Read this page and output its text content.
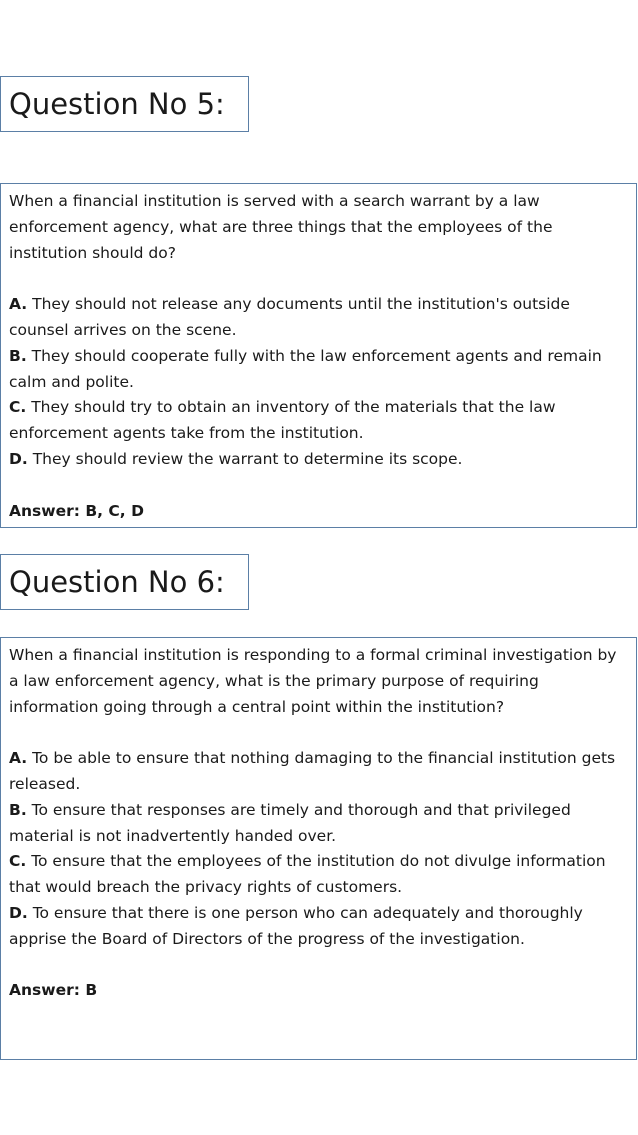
Question No 5:

When a financial institution is served with a search warrant by a law enforcement agency, what are three things that the employees of the institution should do?

A. They should not release any documents until the institution's outside counsel arrives on the scene.

B. They should cooperate fully with the law enforcement agents and remain calm and polite.

C. They should try to obtain an inventory of the materials that the law enforcement agents take from the institution.

D. They should review the warrant to determine its scope.

Answer: B, C, D

Question No 6:

When a financial institution is responding to a formal criminal investigation by a law enforcement agency, what is the primary purpose of requiring information going through a central point within the institution?

A. To be able to ensure that nothing damaging to the financial institution gets released.

B. To ensure that responses are timely and thorough and that privileged material is not inadvertently handed over.

C. To ensure that the employees of the institution do not divulge information that would breach the privacy rights of customers.

D. To ensure that there is one person who can adequately and thoroughly apprise the Board of Directors of the progress of the investigation.

Answer: B
